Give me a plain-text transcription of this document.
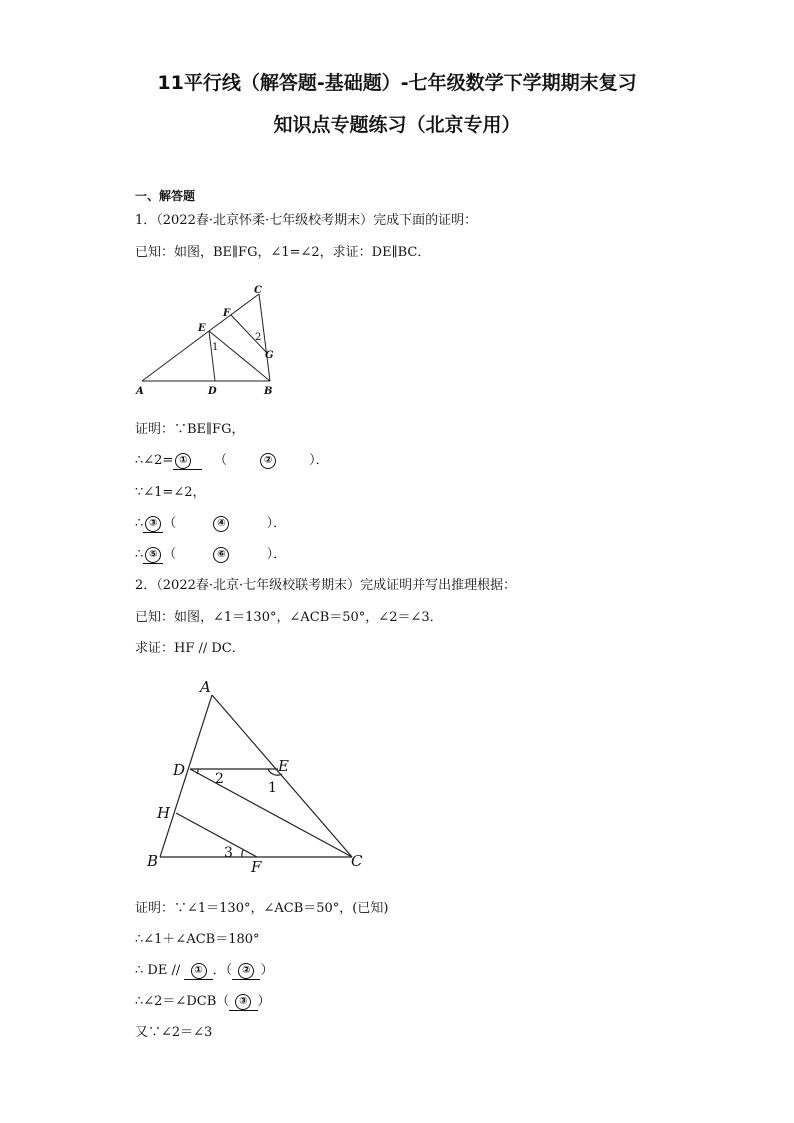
11平行线（解答题-基础题）-七年级数学下学期期末复习
知识点专题练习（北京专用）
一、解答题
1．（2022春·北京怀柔·七年级校考期末）完成下面的证明：
已知：如图，BE∥FG，∠1=∠2，求证：DE∥BC．
A	D	B
E
F
C
G
1
2
证明：∵BE∥FG，
∴∠2= ①     （        ②        ）．
∵∠1=∠2，
∴ ③ （         ④         ）．
∴ ⑤ （         ⑥         ）．
2．（2022春·北京·七年级校联考期末）完成证明并写出推理根据：
已知：如图，∠1＝130°，∠ACB＝50°，∠2＝∠3．
求证：HF // DC．
A
D	E
H
B	F	C
2
1
3
证明：∵∠1＝130°，∠ACB＝50°，(已知)
∴∠1＋∠ACB＝180°
∴ DE // ① ．（ ② ）
∴∠2＝∠DCB（ ③ ）
又∵∠2＝∠3
